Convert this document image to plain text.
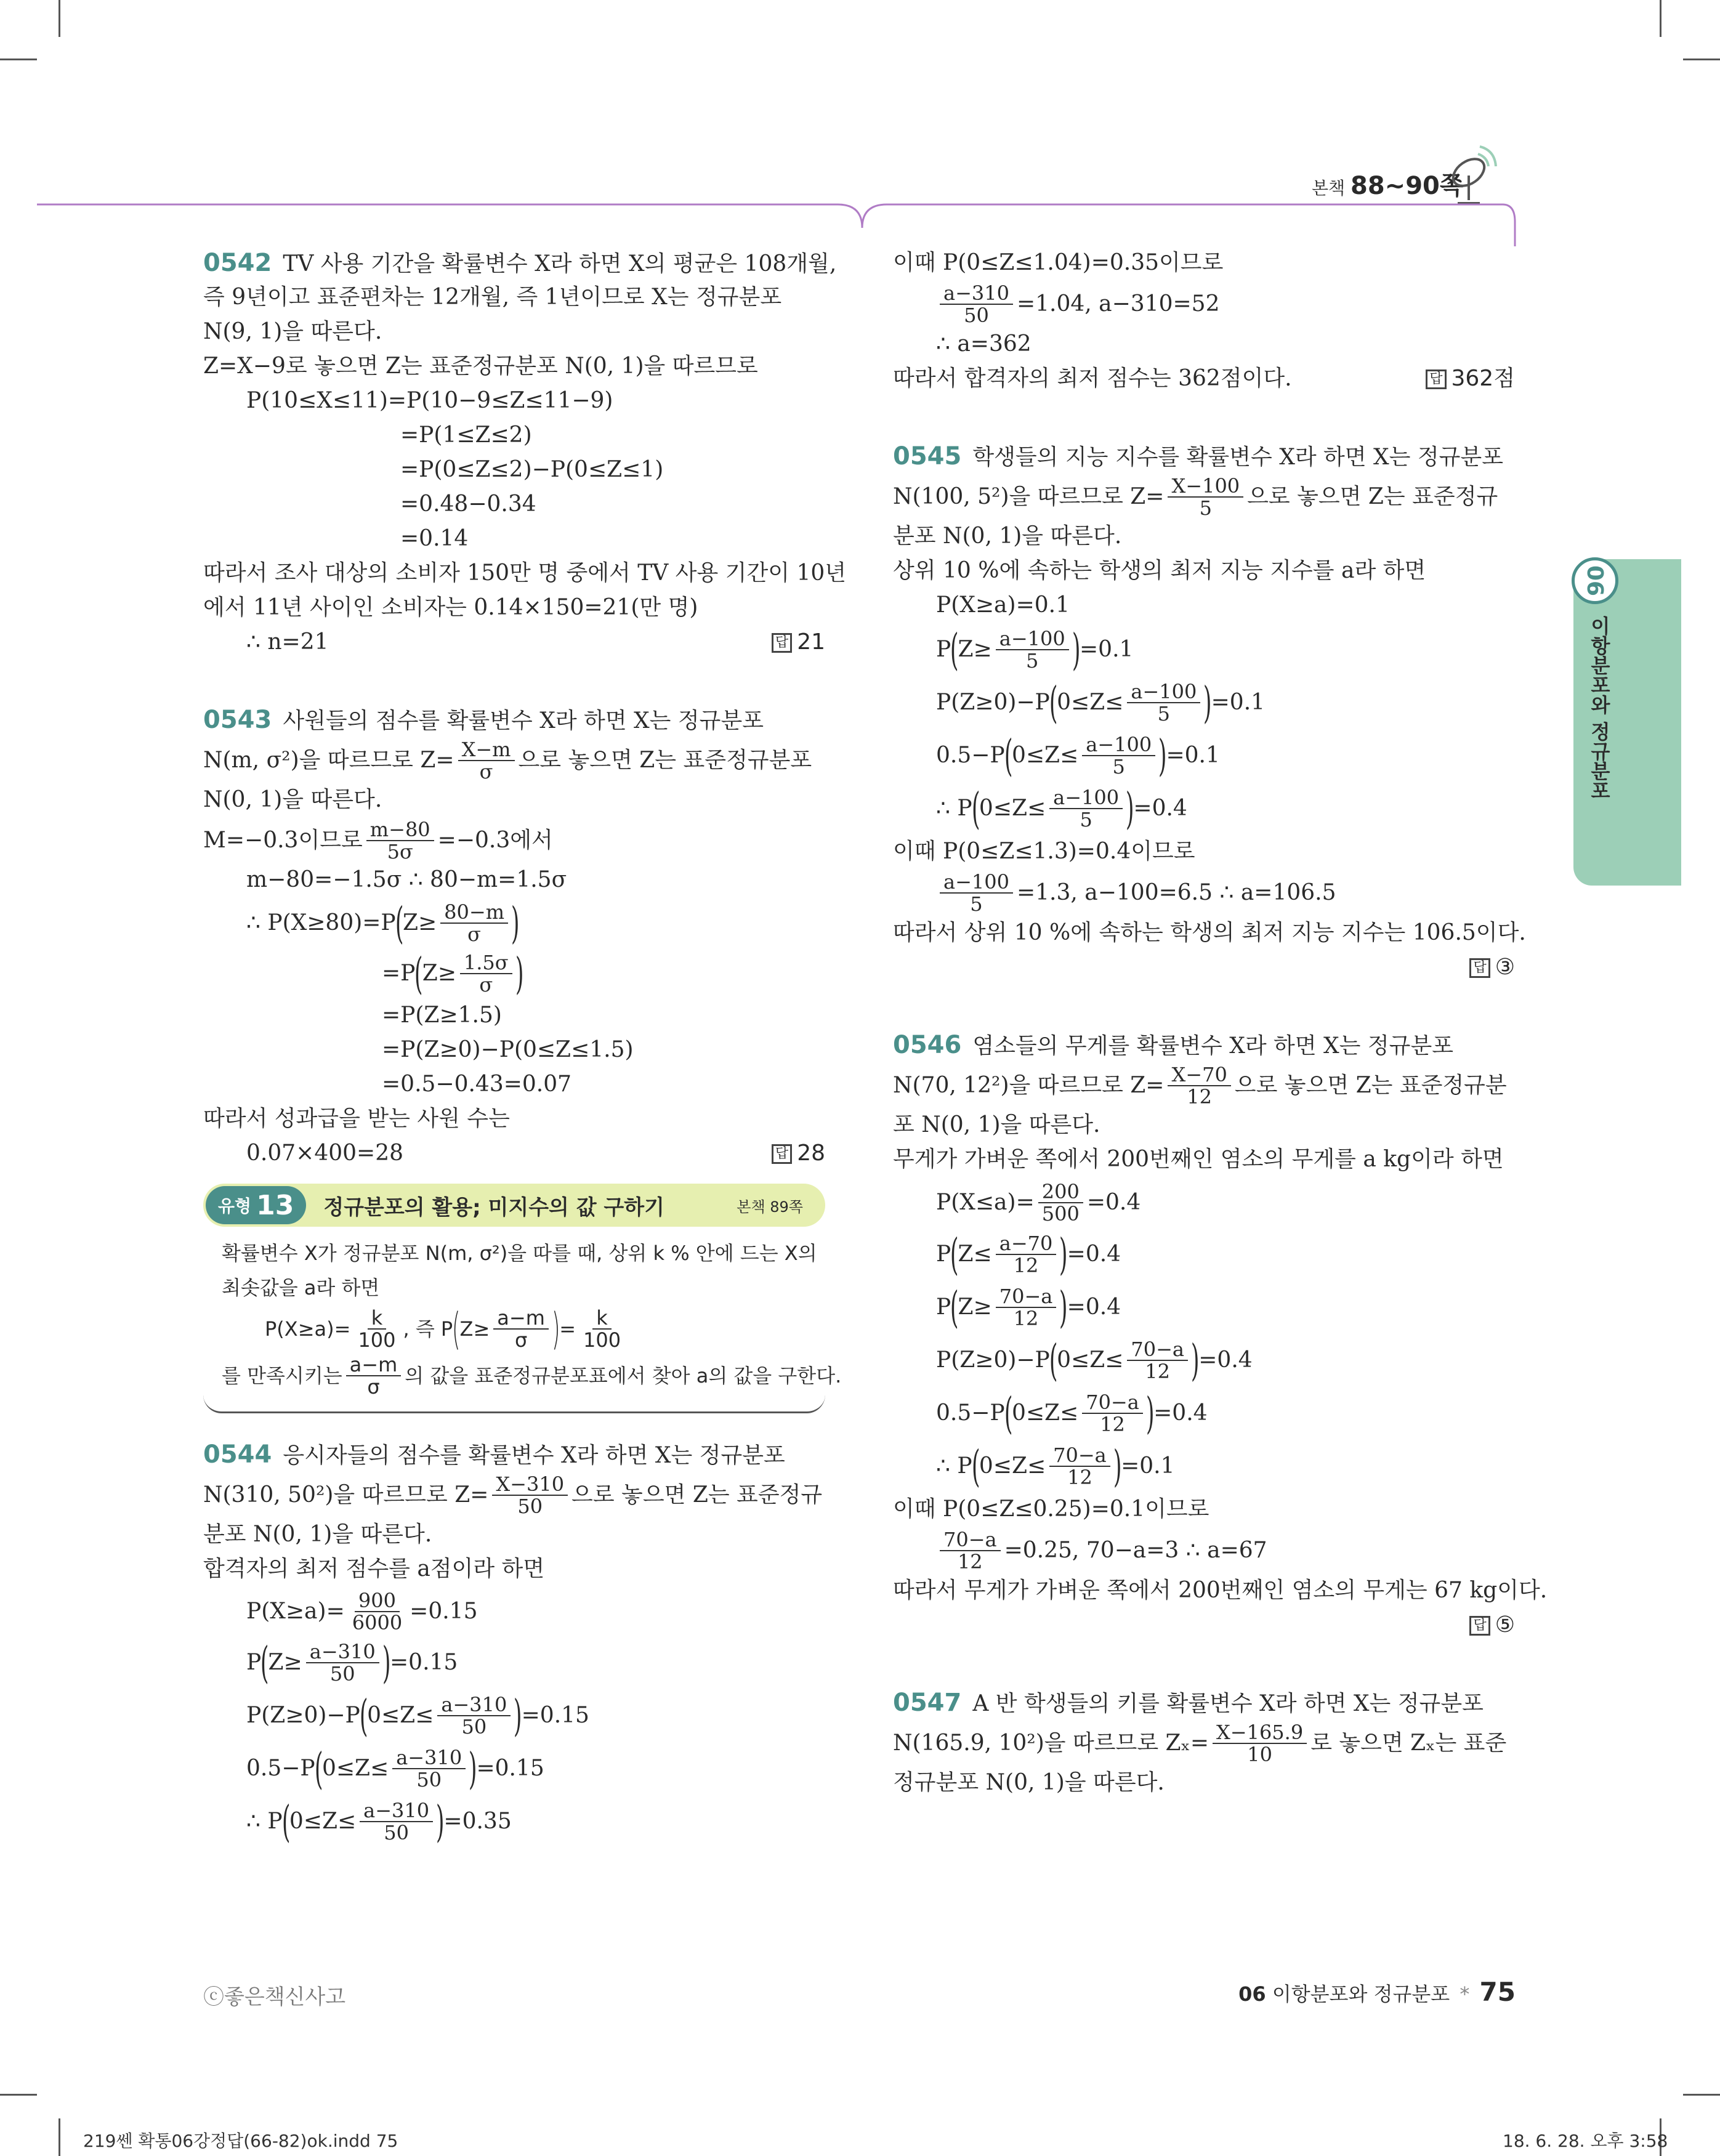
본책 88~90쪽
06
이항분포와 정규분포
0542 TV 사용 기간을 확률변수 X라 하면 X의 평균은 108개월,
즉 9년이고 표준편차는 12개월, 즉 1년이므로 X는 정규분포
N(9, 1)을 따른다.
Z=X−9로 놓으면 Z는 표준정규분포 N(0, 1)을 따르므로
P(10≤X≤11)=P(10−9≤Z≤11−9)
=P(1≤Z≤2)
=P(0≤Z≤2)−P(0≤Z≤1)
=0.48−0.34
=0.14
따라서 조사 대상의 소비자 150만 명 중에서 TV 사용 기간이 10년
에서 11년 사이인 소비자는 0.14×150=21(만 명)
∴ n=21	답 21
0543 사원들의 점수를 확률변수 X라 하면 X는 정규분포
N(m, σ²)을 따르므로 $Z= \frac{X-m}{\sigma}$ 으로 놓으면 Z는 표준정규분포
N(0, 1)을 따른다.
M=−0.3이므로 $\frac{m-80}{5\sigma} =-0.3$에서
m−80=−1.5σ ∴ 80−m=1.5σ
∴ P(X≥80)=P
(
$Z\ge \frac{80-m}{\sigma}$ )
=P
(
$Z\ge \frac{1.5\sigma}{\sigma}$ )
=P(Z≥1.5)
=P(Z≥0)−P(0≤Z≤1.5)
=0.5−0.43=0.07
따라서 성과급을 받는 사원 수는
0.07×400=28	답 28
유형 13 정규분포의 활용; 미지수의 값 구하기	본책 89쪽
확률변수 X가 정규분포 N(m, σ²)을 따를 때, 상위 k % 안에 드는 X의
최솟값을 a라 하면
$P(X\ge a)= \frac{k}{100}$ , 즉 P
(
$Z\ge \frac{a-m}{\sigma}$ )
= $\frac{k}{100}$
를 만족시키는 $\frac{a-m}{\sigma}$ 의 값을 표준정규분포표에서 찾아 a의 값을 구한다.
0544 응시자들의 점수를 확률변수 X라 하면 X는 정규분포
N(310, 50²)을 따르므로 $Z= \frac{X-310}{50}$ 으로 놓으면 Z는 표준정규
분포 N(0, 1)을 따른다.
합격자의 최저 점수를 a점이라 하면
$P(X\ge a)= \frac{900}{6000} =0.15$
P
(
$Z\ge \frac{a-310}{50}$ )
=0.15
P(Z≥0)−P
(
$0\le Z\le \frac{a-310}{50}$ )
=0.15
0.5−P
(
$0\le Z\le \frac{a-310}{50}$ )
=0.15
∴ P
(
$0\le Z\le \frac{a-310}{50}$ )
=0.35
이때 P(0≤Z≤1.04)=0.35이므로
$\frac{a-310}{50} =1.04$, a−310=52
∴ a=362
따라서 합격자의 최저 점수는 362점이다.	답 362점
0545 학생들의 지능 지수를 확률변수 X라 하면 X는 정규분포
N(100, 5²)을 따르므로 $Z= \frac{X-100}{5}$ 으로 놓으면 Z는 표준정규
분포 N(0, 1)을 따른다.
상위 10 %에 속하는 학생의 최저 지능 지수를 a라 하면
P(X≥a)=0.1
P
(
$Z\ge \frac{a-100}{5}$ )
=0.1
P(Z≥0)−P
(
$0\le Z\le \frac{a-100}{5}$ )
=0.1
0.5−P
(
$0\le Z\le \frac{a-100}{5}$ )
=0.1
∴ P
(
$0\le Z\le \frac{a-100}{5}$ )
=0.4
이때 P(0≤Z≤1.3)=0.4이므로
$\frac{a-100}{5} =1.3$, a−100=6.5 ∴ a=106.5
따라서 상위 10 %에 속하는 학생의 최저 지능 지수는 106.5이다.
답 ③
0546 염소들의 무게를 확률변수 X라 하면 X는 정규분포
N(70, 12²)을 따르므로 $Z= \frac{X-70}{12}$ 으로 놓으면 Z는 표준정규분
포 N(0, 1)을 따른다.
무게가 가벼운 쪽에서 200번째인 염소의 무게를 a kg이라 하면
$P(X\le a)= \frac{200}{500} =0.4$
P
(
$Z\le \frac{a-70}{12}$ )
=0.4
P
(
$Z\ge \frac{70-a}{12}$ )
=0.4
P(Z≥0)−P
(
$0\le Z\le \frac{70-a}{12}$ )
=0.4
0.5−P
(
$0\le Z\le \frac{70-a}{12}$ )
=0.4
∴ P
(
$0\le Z\le \frac{70-a}{12}$ )
=0.1
이때 P(0≤Z≤0.25)=0.1이므로
$\frac{70-a}{12} =0.25$, 70−a=3 ∴ a=67
따라서 무게가 가벼운 쪽에서 200번째인 염소의 무게는 67 kg이다.
답 ⑤
0547 A 반 학생들의 키를 확률변수 X라 하면 X는 정규분포
N(165.9, 10²)을 따르므로 $Z_x= \frac{X-165.9}{10}$ 로 놓으면 Zₓ는 표준
정규분포 N(0, 1)을 따른다.
ⓒ좋은책신사고	06 이항분포와 정규분포 * 75
219쎈 확통06강정답(66-82)ok.indd 75	18. 6. 28. 오후 3:58
